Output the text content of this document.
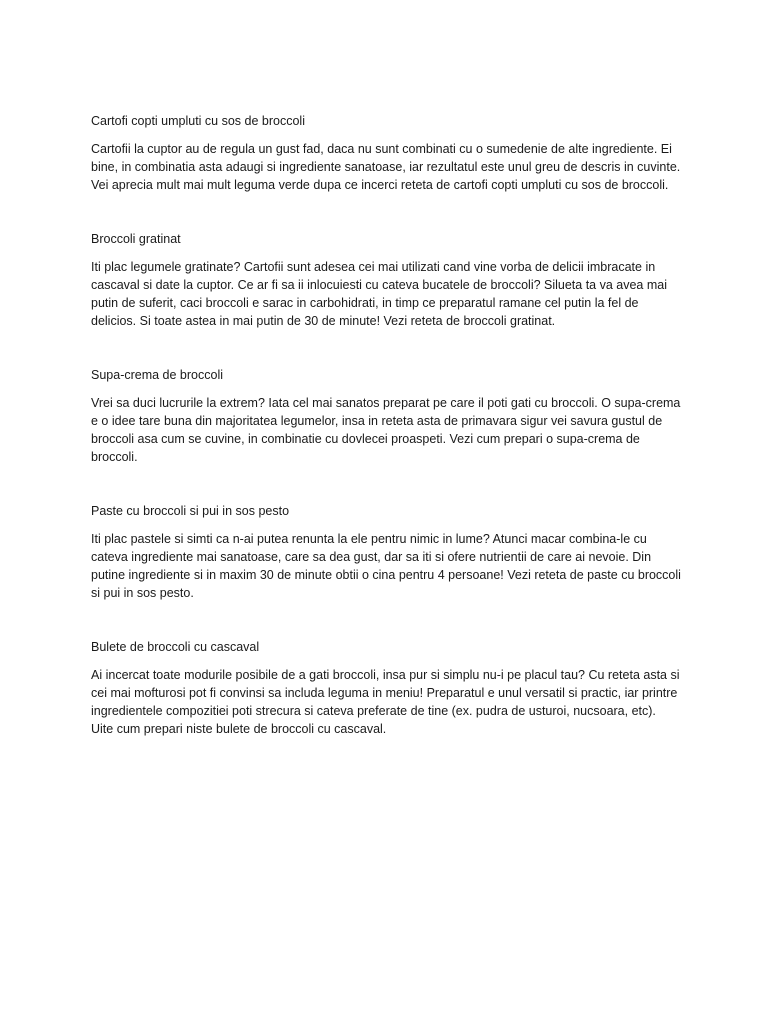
Cartofi copti umpluti cu sos de broccoli

Cartofii la cuptor au de regula un gust fad, daca nu sunt combinati cu o sumedenie de alte ingrediente. Ei bine, in combinatia asta adaugi si ingrediente sanatoase, iar rezultatul este unul greu de descris in cuvinte. Vei aprecia mult mai mult leguma verde dupa ce incerci reteta de cartofi copti umpluti cu sos de broccoli.

Broccoli gratinat

Iti plac legumele gratinate? Cartofii sunt adesea cei mai utilizati cand vine vorba de delicii imbracate in cascaval si date la cuptor. Ce ar fi sa ii inlocuiesti cu cateva bucatele de broccoli? Silueta ta va avea mai putin de suferit, caci broccoli e sarac in carbohidrati, in timp ce preparatul ramane cel putin la fel de delicios. Si toate astea in mai putin de 30 de minute! Vezi reteta de broccoli gratinat.

Supa-crema de broccoli

Vrei sa duci lucrurile la extrem? Iata cel mai sanatos preparat pe care il poti gati cu broccoli. O supa-crema e o idee tare buna din majoritatea legumelor, insa in reteta asta de primavara sigur vei savura gustul de broccoli asa cum se cuvine, in combinatie cu dovlecei proaspeti. Vezi cum prepari o supa-crema de broccoli.

Paste cu broccoli si pui in sos pesto

Iti plac pastele si simti ca n-ai putea renunta la ele pentru nimic in lume? Atunci macar combina-le cu cateva ingrediente mai sanatoase, care sa dea gust, dar sa iti si ofere nutrientii de care ai nevoie. Din putine ingrediente si in maxim 30 de minute obtii o cina pentru 4 persoane! Vezi reteta de paste cu broccoli si pui in sos pesto.

Bulete de broccoli cu cascaval

Ai incercat toate modurile posibile de a gati broccoli, insa pur si simplu nu-i pe placul tau? Cu reteta asta si cei mai mofturosi pot fi convinsi sa includa leguma in meniu! Preparatul e unul versatil si practic, iar printre ingredientele compozitiei poti strecura si cateva preferate de tine (ex. pudra de usturoi, nucsoara, etc). Uite cum prepari niste bulete de broccoli cu cascaval.
